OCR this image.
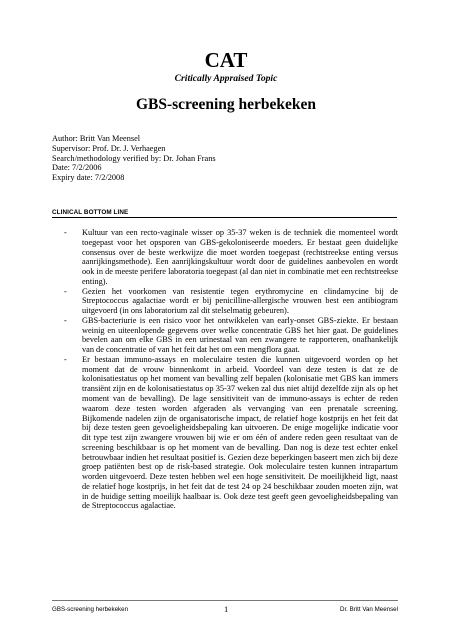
CAT
Critically Appraised Topic
GBS-screening herbekeken
Author: Britt Van Meensel
Supervisor: Prof. Dr. J. Verhaegen
Search/methodology verified by: Dr. Johan Frans
Date: 7/2/2006
Expiry date: 7/2/2008
CLINICAL BOTTOM LINE
- Kultuur van een recto-vaginale wisser op 35-37 weken is de techniek die momenteel wordt toegepast voor het opsporen van GBS-gekoloniseerde moeders. Er bestaat geen duidelijke consensus over de beste werkwijze die moet worden toegepast (rechtstreekse enting versus aanrijkingsmethode). Een aanrijkingskultuur wordt door de guidelines aanbevolen en wordt ook in de meeste perifere laboratoria toegepast (al dan niet in combinatie met een rechtstreekse enting).
- Gezien het voorkomen van resistentie tegen erythromycine en clindamycine bij de Streptococcus agalactiae wordt er bij penicilline-allergische vrouwen best een antibiogram uitgevoerd (in ons laboratorium zal dit stelselmatig gebeuren).
- GBS-bacteriurie is een risico voor het ontwikkelen van early-onset GBS-ziekte. Er bestaan weinig en uiteenlopende gegevens over welke concentratie GBS het hier gaat. De guidelines bevelen aan om elke GBS in een urinestaal van een zwangere te rapporteren, onafhankelijk van de concentratie of van het feit dat het om een mengflora gaat.
- Er bestaan immuno-assays en moleculaire testen die kunnen uitgevoerd worden op het moment dat de vrouw binnenkomt in arbeid. Voordeel van deze testen is dat ze de kolonisatiestatus op het moment van bevalling zelf bepalen (kolonisatie met GBS kan immers transiënt zijn en de kolonisatiestatus op 35-37 weken zal dus niet altijd dezelfde zijn als op het moment van de bevalling). De lage sensitiviteit van de immuno-assays is echter de reden waarom deze testen worden afgeraden als vervanging van een prenatale screening. Bijkomende nadelen zijn de organisatorische impact, de relatief hoge kostprijs en het feit dat bij deze testen geen gevoeligheidsbepaling kan uitvoeren. De enige mogelijke indicatie voor dit type test zijn zwangere vrouwen bij wie er om één of andere reden geen resultaat van de screening beschikbaar is op het moment van de bevalling. Dan nog is deze test echter enkel betrouwbaar indien het resultaat positief is. Gezien deze beperkingen baseert men zich bij deze groep patiënten best op de risk-based strategie. Ook moleculaire testen kunnen intrapartum worden uitgevoerd. Deze testen hebben wel een hoge sensitiviteit. De moeilijkheid ligt, naast de relatief hoge kostprijs, in het feit dat de test 24 op 24 beschikbaar zouden moeten zijn, wat in de huidige setting moeilijk haalbaar is. Ook deze test geeft geen gevoeligheidsbepaling van de Streptococcus agalactiae.
GBS-screening herbekeken	1	Dr. Britt Van Meensel
